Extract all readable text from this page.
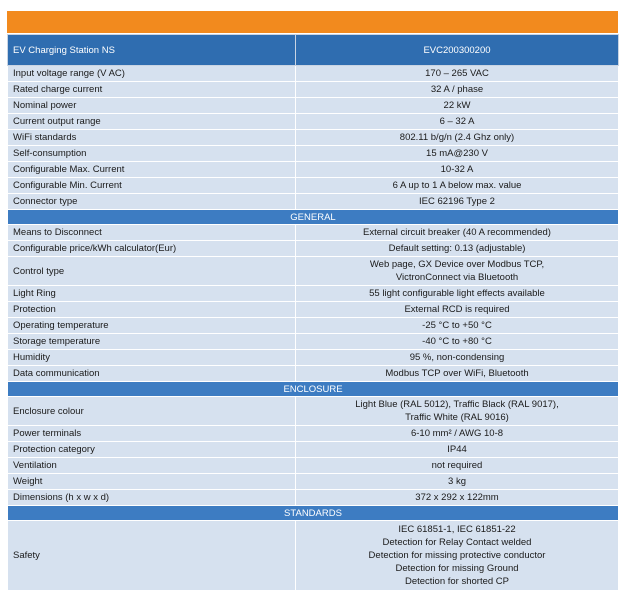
EV Charging Station NS	EVC200300200
Input voltage range (V AC)	170 – 265 VAC

Rated charge current	32 A / phase

Nominal power	22 kW

Current output range	6 – 32 A

WiFi standards	802.11 b/g/n (2.4 Ghz only)

Self-consumption	15 mA@230 V

Configurable Max. Current	10-32 A

Configurable Min. Current	6 A up to 1 A below max. value

Connector type	IEC 62196 Type 2

GENERAL	
Means to Disconnect	External circuit breaker (40 A recommended)

Configurable price/kWh calculator(Eur)	Default setting: 0.13 (adjustable)

Control type	Web page, GX Device over Modbus TCP,
VictronConnect via Bluetooth

Light Ring	55 light configurable light effects available

Protection	External RCD is required

Operating temperature	-25 °C to +50 °C

Storage temperature	-40 °C to +80 °C

Humidity	95 %, non-condensing

Data communication	Modbus TCP over WiFi, Bluetooth

ENCLOSURE	
Enclosure colour	Light Blue (RAL 5012), Traffic Black (RAL 9017),
Traffic White (RAL 9016)

Power terminals	6-10 mm² / AWG 10-8

Protection category	IP44

Ventilation	not required

Weight	3 kg

Dimensions (h x w x d)	372 x 292 x 122mm

STANDARDS	
Safety	IEC 61851-1, IEC 61851-22
Detection for Relay Contact welded
Detection for missing protective conductor
Detection for missing Ground
Detection for shorted CP
